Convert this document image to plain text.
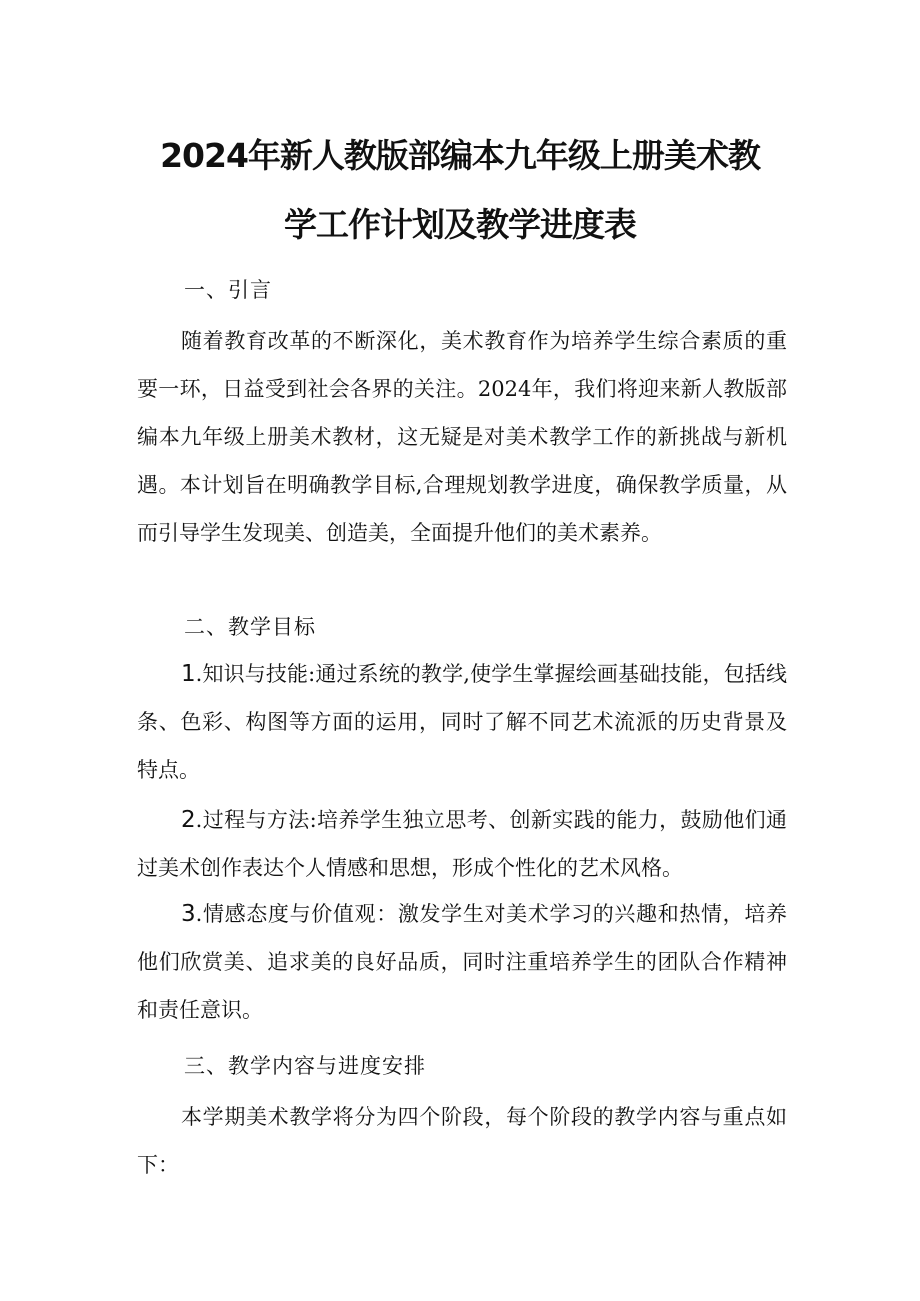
2024年新人教版部编本九年级上册美术教
学工作计划及教学进度表
一、引言

随着教育改革的不断深化，美术教育作为培养学生综合素质的重要一环，日益受到社会各界的关注。2024年，我们将迎来新人教版部编本九年级上册美术教材，这无疑是对美术教学工作的新挑战与新机遇。本计划旨在明确教学目标,合理规划教学进度，确保教学质量，从而引导学生发现美、创造美，全面提升他们的美术素养。

二、教学目标

1.知识与技能:通过系统的教学,使学生掌握绘画基础技能，包括线条、色彩、构图等方面的运用，同时了解不同艺术流派的历史背景及特点。

2.过程与方法:培养学生独立思考、创新实践的能力，鼓励他们通过美术创作表达个人情感和思想，形成个性化的艺术风格。

3.情感态度与价值观：激发学生对美术学习的兴趣和热情，培养他们欣赏美、追求美的良好品质，同时注重培养学生的团队合作精神和责任意识。

三、教学内容与进度安排

本学期美术教学将分为四个阶段，每个阶段的教学内容与重点如下：
